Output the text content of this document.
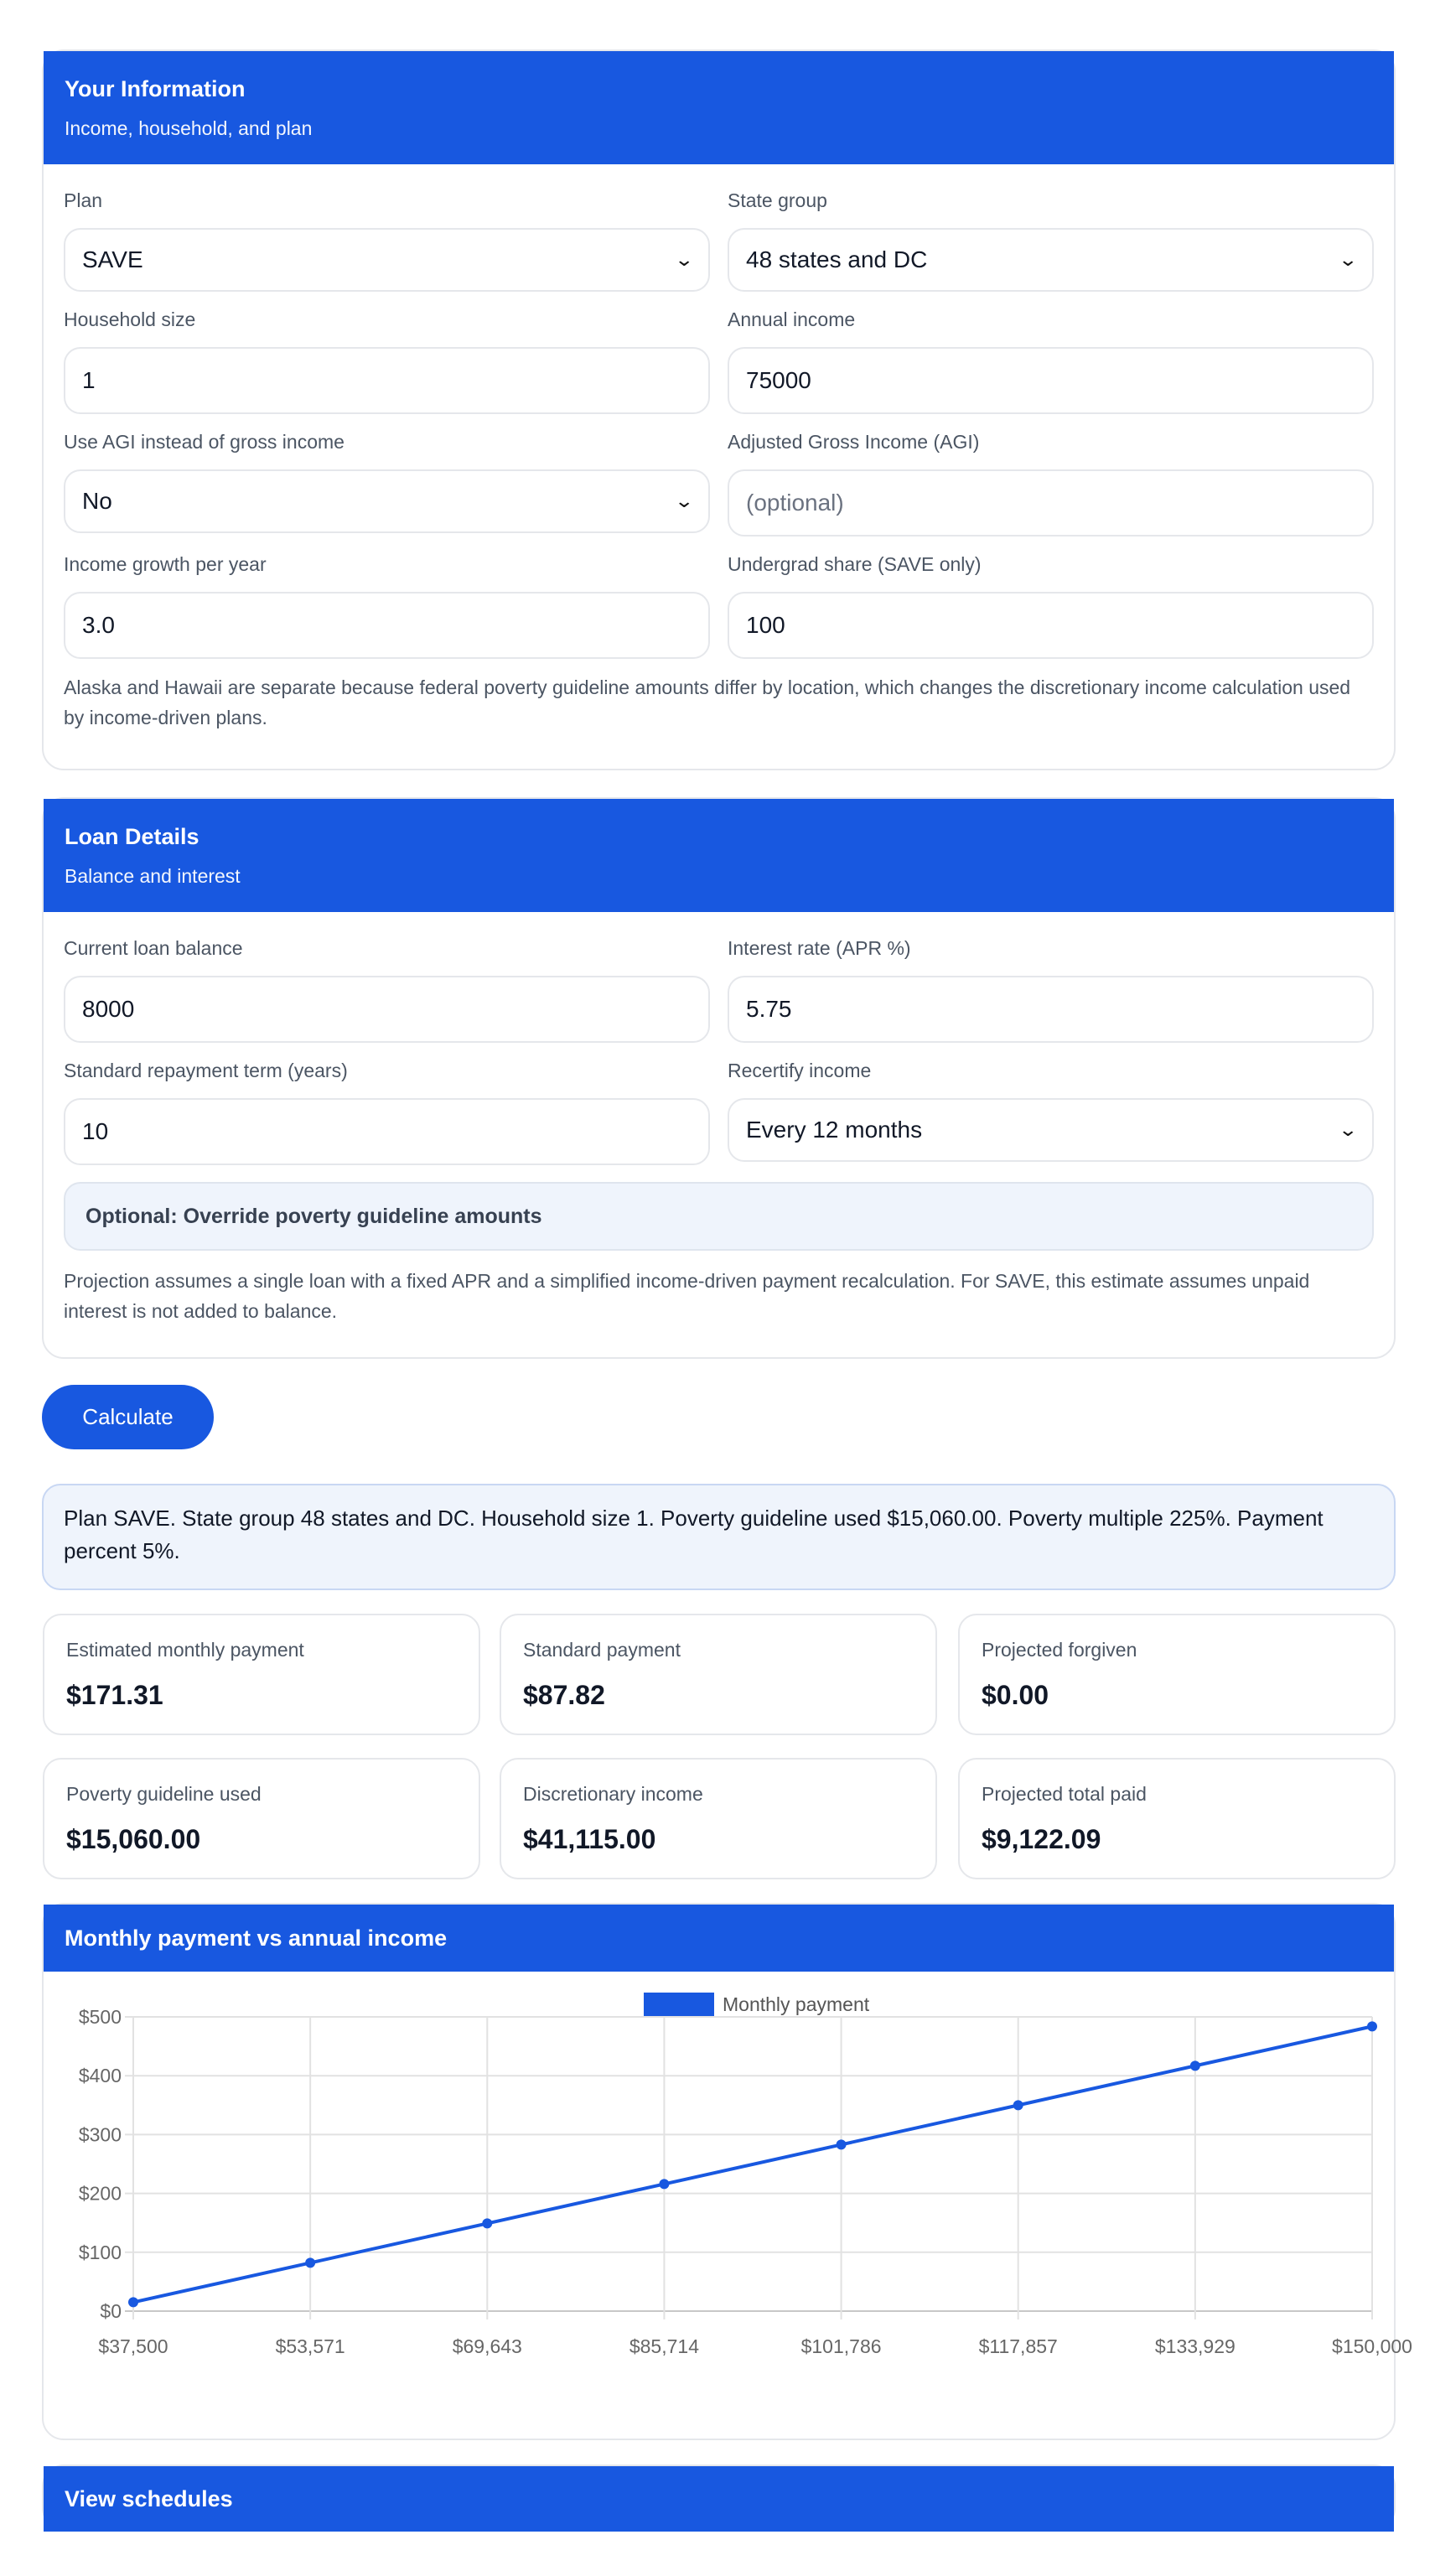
Your Information
Income, household, and plan
Plan
SAVE	⌄
State group
48 states and DC	⌄
Household size
1
Annual income
75000
Use AGI instead of gross income
No	⌄
Adjusted Gross Income (AGI)
(optional)
Income growth per year
3.0
Undergrad share (SAVE only)
100
Alaska and Hawaii are separate because federal poverty guideline amounts differ by location, which changes the discretionary income calculation used by income-driven plans.
Loan Details
Balance and interest
Current loan balance
8000
Interest rate (APR %)
5.75
Standard repayment term (years)
10
Recertify income
Every 12 months	⌄
Optional: Override poverty guideline amounts
Projection assumes a single loan with a fixed APR and a simplified income-driven payment recalculation. For SAVE, this estimate assumes unpaid interest is not added to balance.
Calculate
Plan SAVE. State group 48 states and DC. Household size 1. Poverty guideline used $15,060.00. Poverty multiple 225%. Payment percent 5%.
Estimated monthly payment
$171.31
Standard payment
$87.82
Projected forgiven
$0.00
Poverty guideline used
$15,060.00
Discretionary income
$41,115.00
Projected total paid
$9,122.09
Monthly payment vs annual income
Monthly payment
$0
$100
$200
$300
$400
$500
$37,500	$53,571	$69,643	$85,714	$101,786	$117,857	$133,929	$150,000
View schedules
